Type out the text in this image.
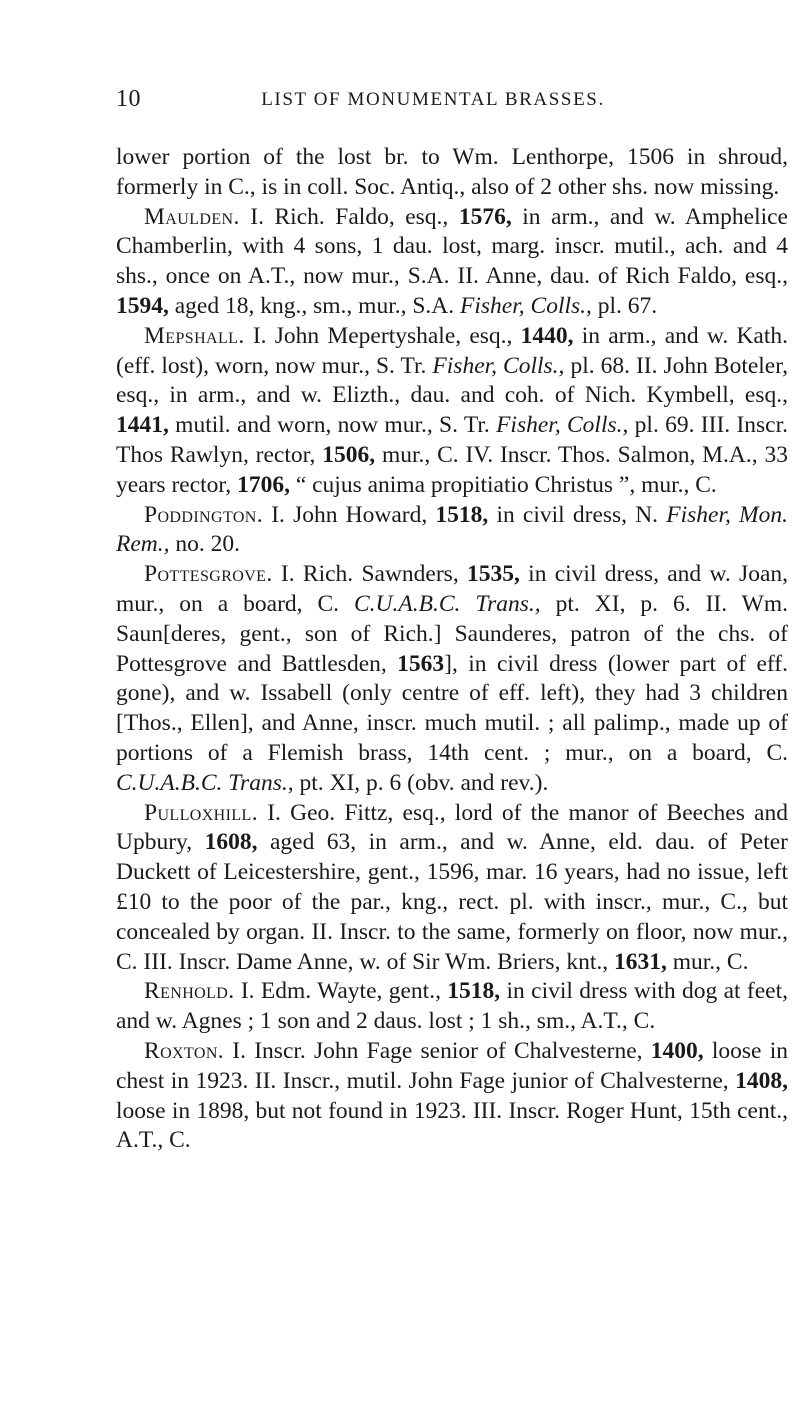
10	LIST OF MONUMENTAL BRASSES.

lower portion of the lost br. to Wm. Lenthorpe, 1506 in shroud, formerly in C., is in coll. Soc. Antiq., also of 2 other shs. now missing.

Maulden. I. Rich. Faldo, esq., 1576, in arm., and w. Amphelice Chamberlin, with 4 sons, 1 dau. lost, marg. inscr. mutil., ach. and 4 shs., once on A.T., now mur., S.A. II. Anne, dau. of Rich Faldo, esq., 1594, aged 18, kng., sm., mur., S.A. Fisher, Colls., pl. 67.

Mepshall. I. John Mepertyshale, esq., 1440, in arm., and w. Kath. (eff. lost), worn, now mur., S. Tr. Fisher, Colls., pl. 68. II. John Boteler, esq., in arm., and w. Elizth., dau. and coh. of Nich. Kymbell, esq., 1441, mutil. and worn, now mur., S. Tr. Fisher, Colls., pl. 69. III. Inscr. Thos Rawlyn, rector, 1506, mur., C. IV. Inscr. Thos. Salmon, M.A., 33 years rector, 1706, “ cujus anima propitiatio Christus ”, mur., C.

Poddington. I. John Howard, 1518, in civil dress, N. Fisher, Mon. Rem., no. 20.

Pottesgrove. I. Rich. Sawnders, 1535, in civil dress, and w. Joan, mur., on a board, C. C.U.A.B.C. Trans., pt. XI, p. 6. II. Wm. Saun[deres, gent., son of Rich.] Saunderes, patron of the chs. of Pottesgrove and Battlesden, 1563], in civil dress (lower part of eff. gone), and w. Issabell (only centre of eff. left), they had 3 children [Thos., Ellen], and Anne, inscr. much mutil. ; all palimp., made up of portions of a Flemish brass, 14th cent. ; mur., on a board, C. C.U.A.B.C. Trans., pt. XI, p. 6 (obv. and rev.).

Pulloxhill. I. Geo. Fittz, esq., lord of the manor of Beeches and Upbury, 1608, aged 63, in arm., and w. Anne, eld. dau. of Peter Duckett of Leicestershire, gent., 1596, mar. 16 years, had no issue, left £10 to the poor of the par., kng., rect. pl. with inscr., mur., C., but concealed by organ. II. Inscr. to the same, formerly on floor, now mur., C. III. Inscr. Dame Anne, w. of Sir Wm. Briers, knt., 1631, mur., C.

Renhold. I. Edm. Wayte, gent., 1518, in civil dress with dog at feet, and w. Agnes ; 1 son and 2 daus. lost ; 1 sh., sm., A.T., C.

Roxton. I. Inscr. John Fage senior of Chalvesterne, 1400, loose in chest in 1923. II. Inscr., mutil. John Fage junior of Chalvesterne, 1408, loose in 1898, but not found in 1923. III. Inscr. Roger Hunt, 15th cent., A.T., C.
